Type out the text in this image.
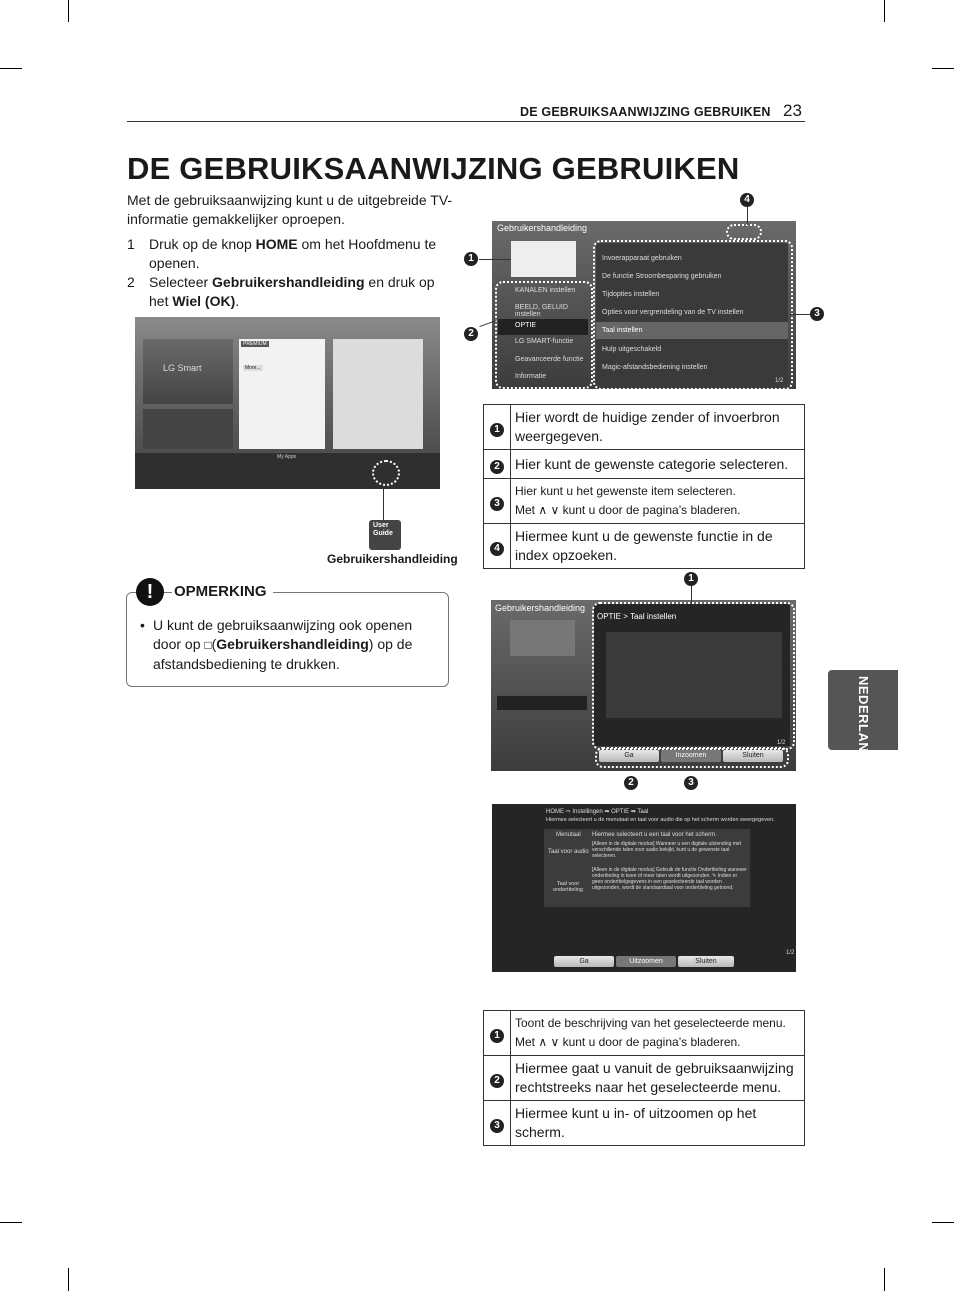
DE GEBRUIKSAANWIJZING GEBRUIKEN 23
DE GEBRUIKSAANWIJZING GEBRUIKEN
Met de gebruiksaanwijzing kunt u de uitgebreide TV-informatie gemakkelijker oproepen.
1 Druk op de knop HOME om het Hoofdmenu te openen.
2 Selecteer Gebruikershandleiding en druk op het Wiel (OK).
LG Smart
PREMIUM
More...
My Apps
User
Guide
Gebruikershandleiding
!	OPMERKING
• U kunt de gebruiksaanwijzing ook openen door op □(Gebruikershandleiding) op de afstandsbediening te drukken.
Gebruikershandleiding
KANALEN instellen
BEELD, GELUID instellen
OPTIE
LG SMART-functie
Geavanceerde functie
Informatie
Invoerapparaat gebruiken
De functie Stroombesparing gebruiken
Tijdopties instellen
Opties voor vergrendeling van de TV instellen
Taal instellen
Hulp uitgeschakeld
Magic-afstandsbediening instellen
1/2
1
2
3
4
1	Hier wordt de huidige zender of invoerbron weergegeven.
2	Hier kunt de gewenste categorie selecteren.
3	Hier kunt u het gewenste item selecteren.
Met ∧ ∨ kunt u door de pagina’s bladeren.
4	Hiermee kunt u de gewenste functie in de index opzoeken.
Gebruikershandleiding
OPTIE > Taal instellen
Ga	Inzoomen	Sluiten
1/2
1
2	3
HOME ⇨ Instellingen ➡ OPTIE ➡ Taal
Hiermee selecteert u de menutaal en taal voor audio die op het scherm worden weergegeven.
Menutaal Hiermee selecteert u een taal voor het scherm.
Taal voor audio
[Alleen in de digitale modus] Wanneer u een digitale uitzending met verschillende talen voor audio bekijkt, kunt u de gewenste taal selecteren.
Taal voor ondertiteling
[Alleen in de digitale modus] Gebruik de functie Ondertiteling wanneer ondertiteling in twee of meer talen wordt uitgezonden. ✎ Indien er geen ondertitelgegevens in een geselecteerde taal worden uitgezonden, wordt de standaardtaal voor ondertiteling getoond.
Ga	Uitzoomen	Sluiten
1/2
1	Toont de beschrijving van het geselecteerde menu.
Met ∧ ∨ kunt u door de pagina’s bladeren.
2	Hiermee gaat u vanuit de gebruiksaanwijzing rechtstreeks naar het geselecteerde menu.
3	Hiermee kunt u in- of uitzoomen op het scherm.
NEDERLANDS
